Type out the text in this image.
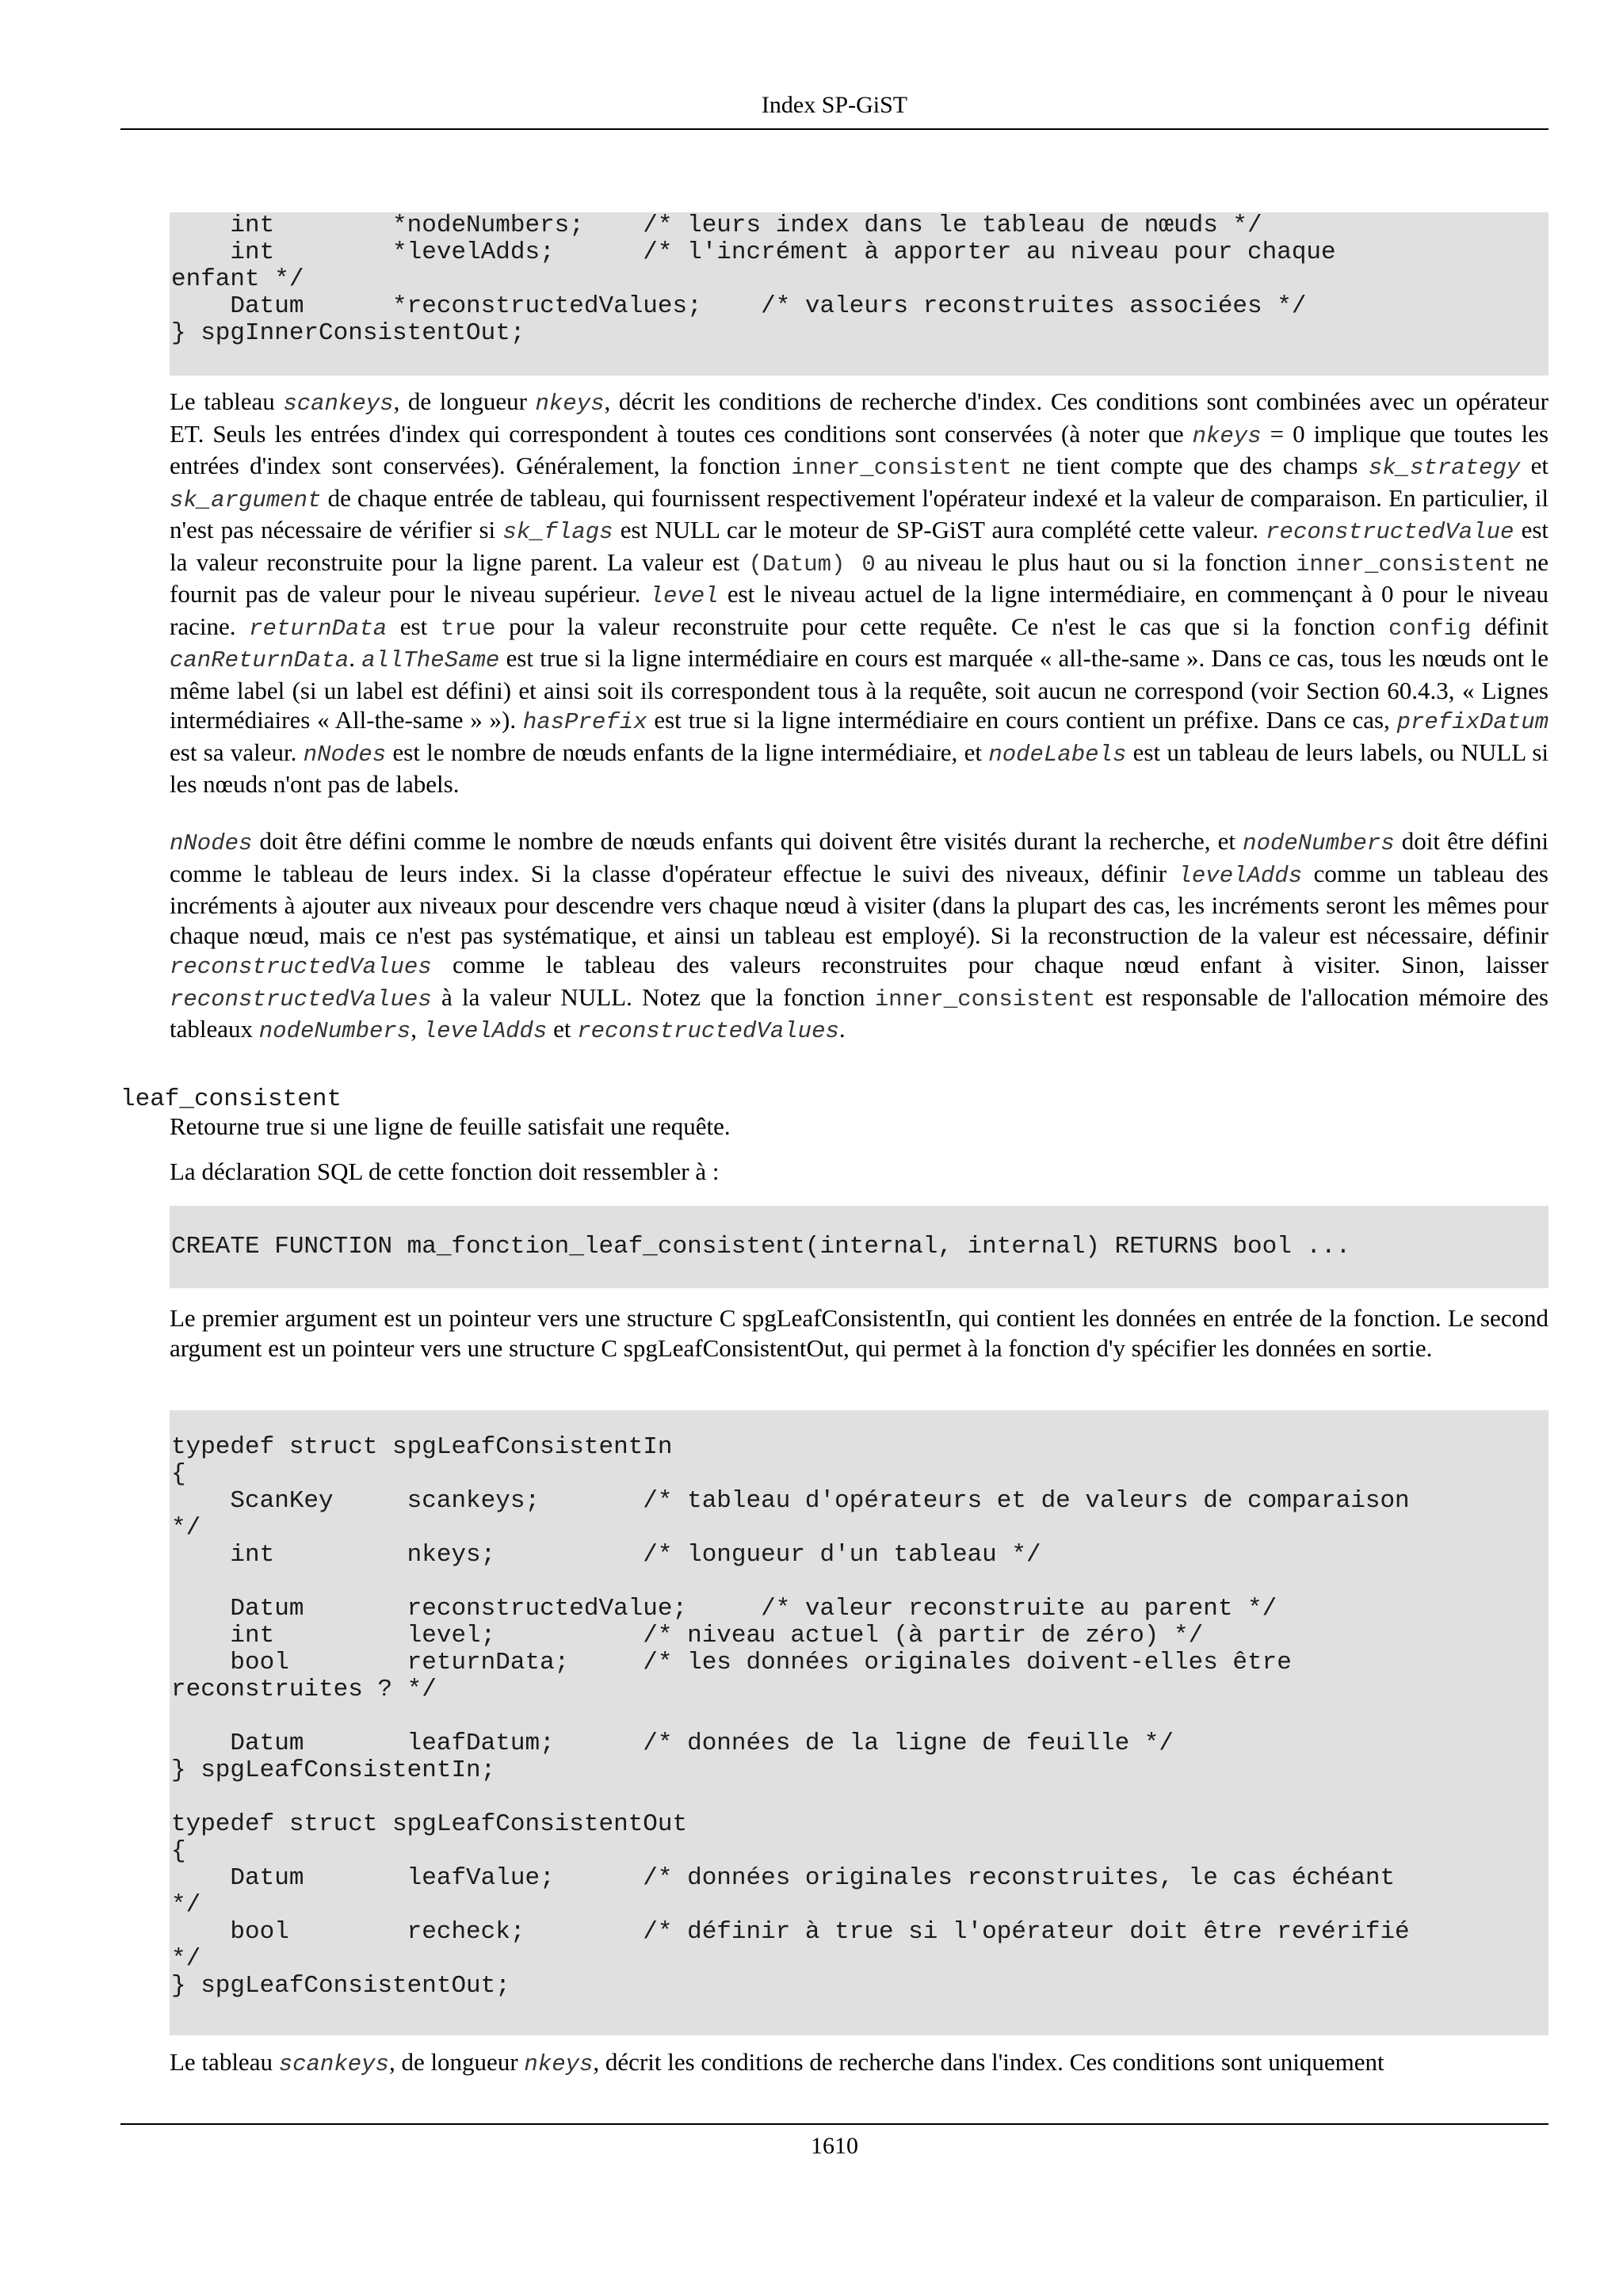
Index SP-GiST
int        *nodeNumbers;    /* leurs index dans le tableau de nœuds */
int        *levelAdds;      /* l'incrément à apporter au niveau pour chaque
enfant */
Datum      *reconstructedValues;    /* valeurs reconstruites associées */
} spgInnerConsistentOut;

Le tableau scankeys, de longueur nkeys, décrit les conditions de recherche d'index. Ces conditions sont combinées avec un opérateur ET. Seuls les entrées d'index qui correspondent à toutes ces conditions sont conservées (à noter que nkeys = 0 implique que toutes les entrées d'index sont conservées). Généralement, la fonction inner_consistent ne tient compte que des champs sk_strategy et sk_argument de chaque entrée de tableau, qui fournissent respectivement l'opérateur indexé et la valeur de comparaison. En particulier, il n'est pas nécessaire de vérifier si sk_flags est NULL car le moteur de SP-GiST aura complété cette valeur. reconstructedValue est la valeur reconstruite pour la ligne parent. La valeur est (Datum) 0 au niveau le plus haut ou si la fonction inner_consistent ne fournit pas de valeur pour le niveau supérieur. level est le niveau actuel de la ligne intermédiaire, en commençant à 0 pour le niveau racine. returnData est true pour la valeur reconstruite pour cette requête. Ce n'est le cas que si la fonction config définit canReturnData. allTheSame est true si la ligne intermédiaire en cours est marquée « all-the-same ». Dans ce cas, tous les nœuds ont le même label (si un label est défini) et ainsi soit ils correspondent tous à la requête, soit aucun ne correspond (voir Section 60.4.3, « Lignes intermédiaires « All-the-same » »). hasPrefix est true si la ligne intermédiaire en cours contient un préfixe. Dans ce cas, prefixDatum est sa valeur. nNodes est le nombre de nœuds enfants de la ligne intermédiaire, et nodeLabels est un tableau de leurs labels, ou NULL si les nœuds n'ont pas de labels.

nNodes doit être défini comme le nombre de nœuds enfants qui doivent être visités durant la recherche, et nodeNumbers doit être défini comme le tableau de leurs index. Si la classe d'opérateur effectue le suivi des niveaux, définir levelAdds comme un tableau des incréments à ajouter aux niveaux pour descendre vers chaque nœud à visiter (dans la plupart des cas, les incréments seront les mêmes pour chaque nœud, mais ce n'est pas systématique, et ainsi un tableau est employé). Si la reconstruction de la valeur est nécessaire, définir reconstructedValues comme le tableau des valeurs reconstruites pour chaque nœud enfant à visiter. Sinon, laisser reconstructedValues à la valeur NULL. Notez que la fonction inner_consistent est responsable de l'allocation mémoire des tableaux nodeNumbers, levelAdds et reconstructedValues.

leaf_consistent

Retourne true si une ligne de feuille satisfait une requête.

La déclaration SQL de cette fonction doit ressembler à :

CREATE FUNCTION ma_fonction_leaf_consistent(internal, internal) RETURNS bool ...

Le premier argument est un pointeur vers une structure C spgLeafConsistentIn, qui contient les données en entrée de la fonction. Le second argument est un pointeur vers une structure C spgLeafConsistentOut, qui permet à la fonction d'y spécifier les données en sortie.

typedef struct spgLeafConsistentIn
{
ScanKey     scankeys;       /* tableau d'opérateurs et de valeurs de comparaison
*/
int         nkeys;          /* longueur d'un tableau */

Datum       reconstructedValue;     /* valeur reconstruite au parent */
int         level;          /* niveau actuel (à partir de zéro) */
bool        returnData;     /* les données originales doivent-elles être
reconstruites ? */

Datum       leafDatum;      /* données de la ligne de feuille */
} spgLeafConsistentIn;

typedef struct spgLeafConsistentOut
{
Datum       leafValue;      /* données originales reconstruites, le cas échéant
*/
bool        recheck;        /* définir à true si l'opérateur doit être revérifié
*/
} spgLeafConsistentOut;

Le tableau scankeys, de longueur nkeys, décrit les conditions de recherche dans l'index. Ces conditions sont uniquement

1610
